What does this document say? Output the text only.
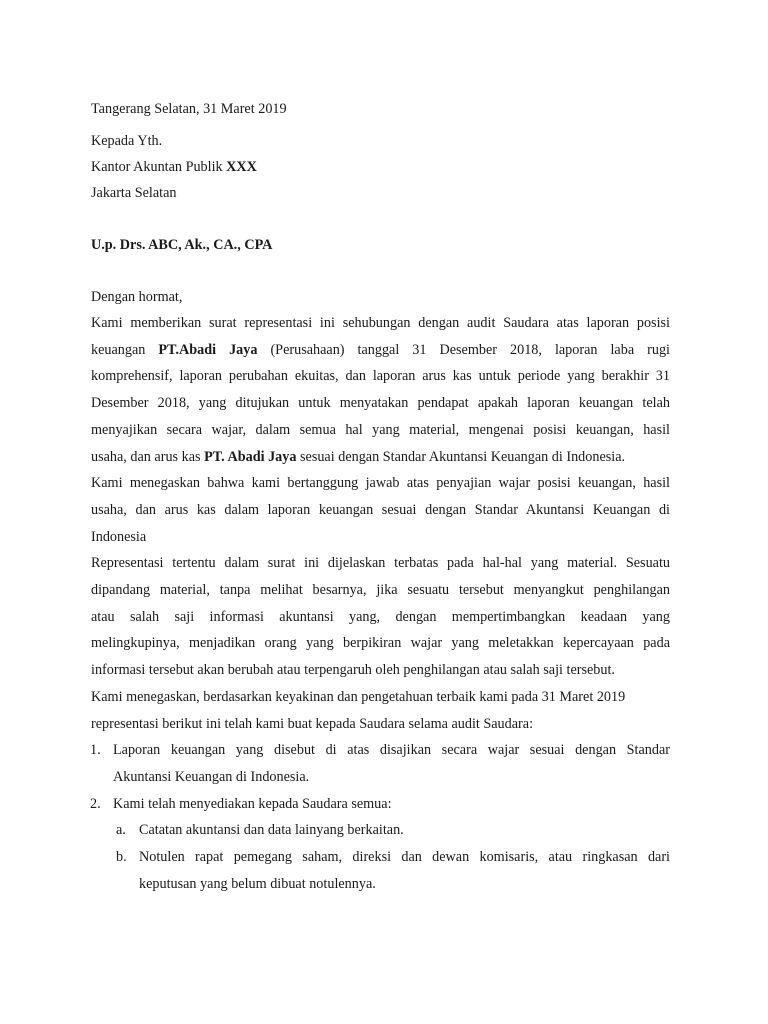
Tangerang Selatan, 31 Maret 2019
Kepada Yth.
Kantor Akuntan Publik XXX
Jakarta Selatan
U.p. Drs. ABC, Ak., CA., CPA
Dengan hormat,
Kami memberikan surat representasi ini sehubungan dengan audit Saudara atas laporan posisi
keuangan PT.Abadi Jaya (Perusahaan) tanggal 31 Desember 2018, laporan laba rugi
komprehensif, laporan perubahan ekuitas, dan laporan arus kas untuk periode yang berakhir 31
Desember 2018, yang ditujukan untuk menyatakan pendapat apakah laporan keuangan telah
menyajikan secara wajar, dalam semua hal yang material, mengenai posisi keuangan, hasil
usaha, dan arus kas PT. Abadi Jaya sesuai dengan Standar Akuntansi Keuangan di Indonesia.
Kami menegaskan bahwa kami bertanggung jawab atas penyajian wajar posisi keuangan, hasil
usaha, dan arus kas dalam laporan keuangan sesuai dengan Standar Akuntansi Keuangan di
Indonesia
Representasi tertentu dalam surat ini dijelaskan terbatas pada hal-hal yang material. Sesuatu
dipandang material, tanpa melihat besarnya, jika sesuatu tersebut menyangkut penghilangan
atau salah saji informasi akuntansi yang, dengan mempertimbangkan keadaan yang
melingkupinya, menjadikan orang yang berpikiran wajar yang meletakkan kepercayaan pada
informasi tersebut akan berubah atau terpengaruh oleh penghilangan atau salah saji tersebut.
Kami menegaskan, berdasarkan keyakinan dan pengetahuan terbaik kami pada 31 Maret 2019
representasi berikut ini telah kami buat kepada Saudara selama audit Saudara:
1. Laporan keuangan yang disebut di atas disajikan secara wajar sesuai dengan Standar
Akuntansi Keuangan di Indonesia.
2. Kami telah menyediakan kepada Saudara semua:
a. Catatan akuntansi dan data lainyang berkaitan.
b. Notulen rapat pemegang saham, direksi dan dewan komisaris, atau ringkasan dari
keputusan yang belum dibuat notulennya.
